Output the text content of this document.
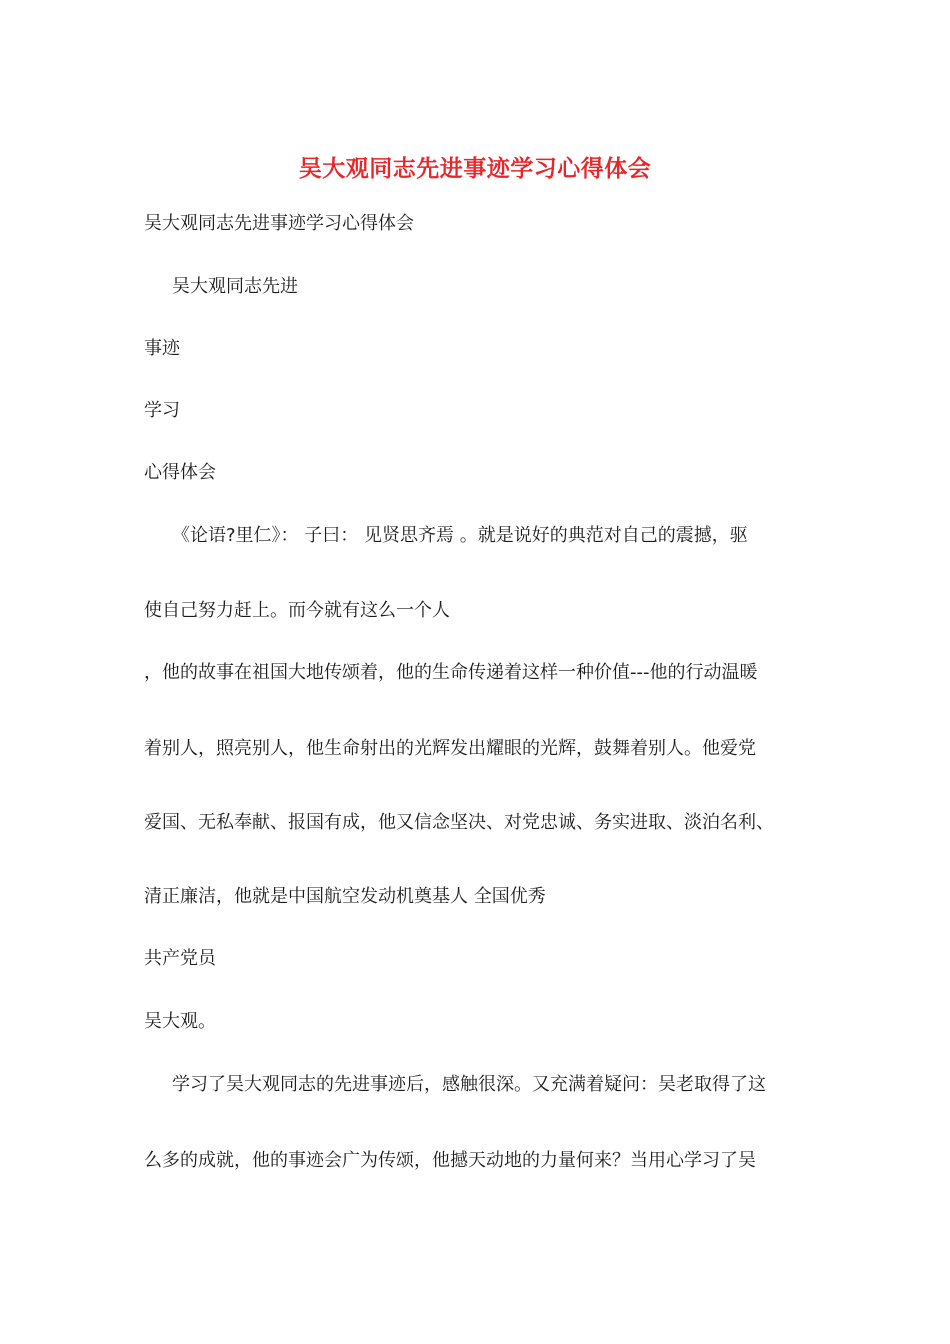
吴大观同志先进事迹学习心得体会
吴大观同志先进事迹学习心得体会
吴大观同志先进
事迹
学习
心得体会
《论语?里仁》： 子曰： 见贤思齐焉 。就是说好的典范对自己的震撼，驱
使自己努力赶上。而今就有这么一个人
，他的故事在祖国大地传颂着，他的生命传递着这样一种价值---他的行动温暖
着别人，照亮别人，他生命射出的光辉发出耀眼的光辉，鼓舞着别人。他爱党
爱国、无私奉献、报国有成，他又信念坚决、对党忠诚、务实进取、淡泊名利、
清正廉洁，他就是中国航空发动机奠基人 全国优秀
共产党员
吴大观。
学习了吴大观同志的先进事迹后，感触很深。又充满着疑问：吴老取得了这
么多的成就，他的事迹会广为传颂，他撼天动地的力量何来？当用心学习了吴
